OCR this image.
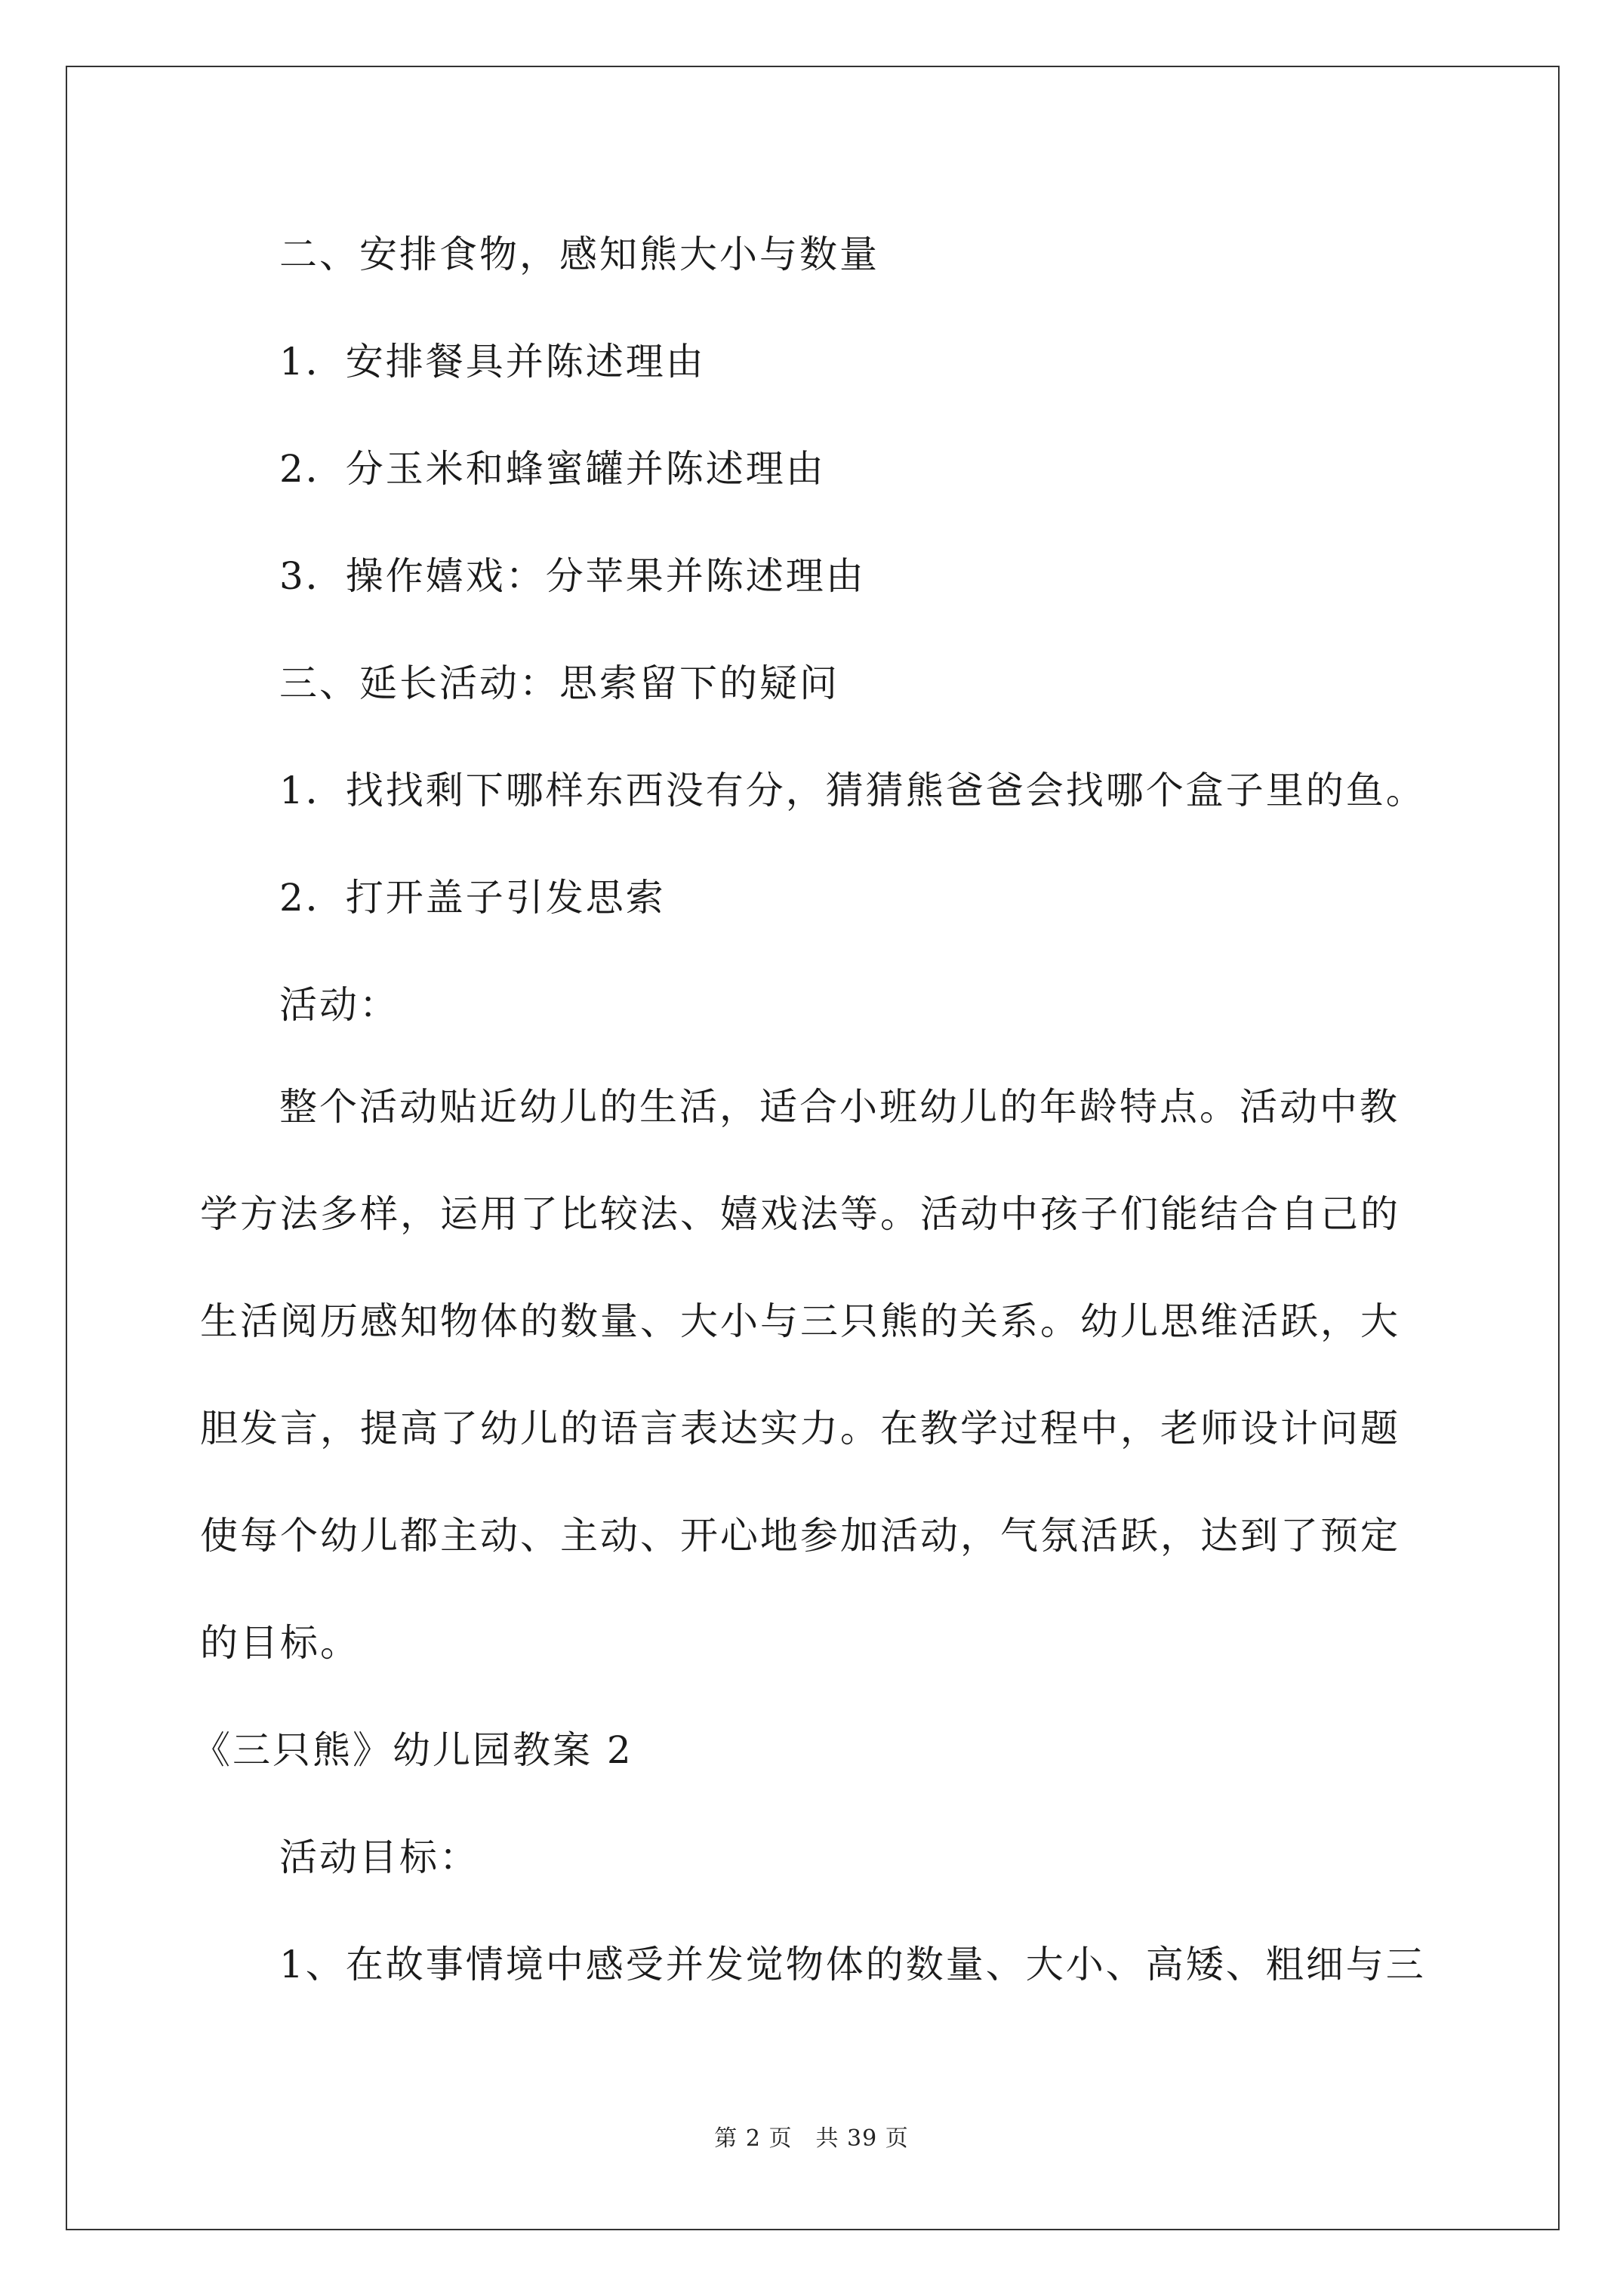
二、安排食物，感知熊大小与数量
1．安排餐具并陈述理由
2．分玉米和蜂蜜罐并陈述理由
3．操作嬉戏：分苹果并陈述理由
三、延长活动：思索留下的疑问
1．找找剩下哪样东西没有分，猜猜熊爸爸会找哪个盒子里的鱼。
2．打开盖子引发思索
活动：
整个活动贴近幼儿的生活，适合小班幼儿的年龄特点。活动中教
学方法多样，运用了比较法、嬉戏法等。活动中孩子们能结合自己的
生活阅历感知物体的数量、大小与三只熊的关系。幼儿思维活跃，大
胆发言，提高了幼儿的语言表达实力。在教学过程中，老师设计问题
使每个幼儿都主动、主动、开心地参加活动，气氛活跃，达到了预定
的目标。
《三只熊》幼儿园教案 2
活动目标：
1、在故事情境中感受并发觉物体的数量、大小、高矮、粗细与三
第 2 页　共 39 页
